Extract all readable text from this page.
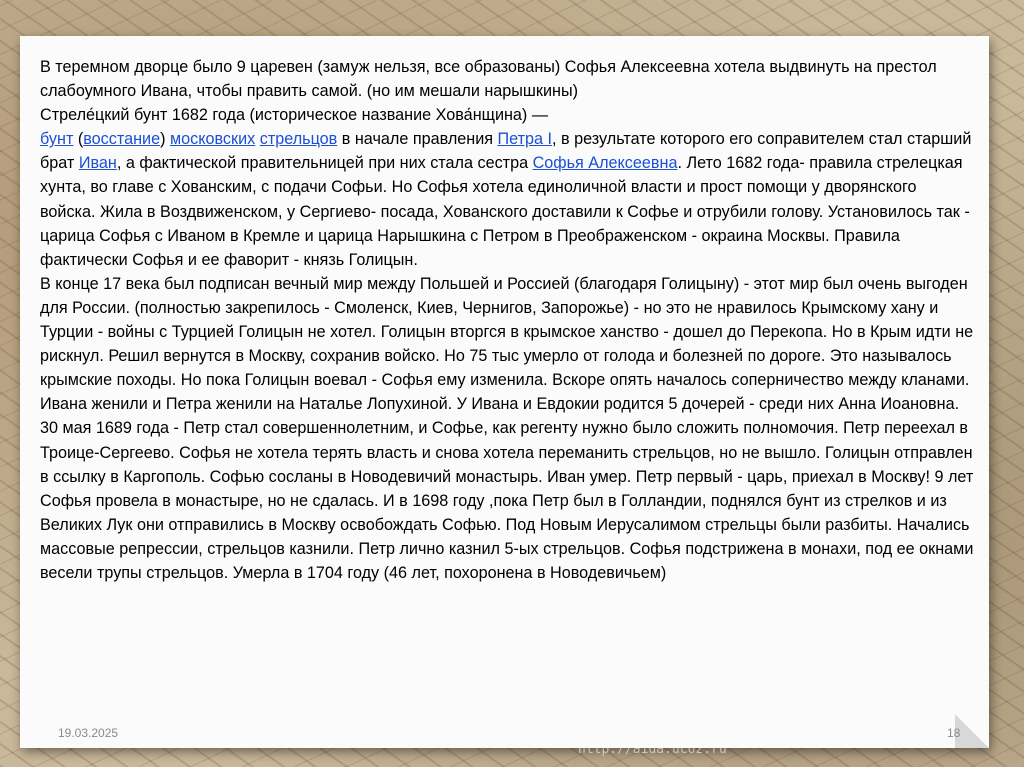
В теремном дворце было 9 царевен (замуж нельзя, все образованы) Софья Алексеевна хотела выдвинуть на престол слабоумного Ивана, чтобы править самой. (но им мешали нарышкины)
Стреле́цкий бунт 1682 года (историческое название Хова́нщина) —
бунт (восстание) московских стрельцов в начале правления Петра I, в результате которого его соправителем стал старший брат Иван, а фактической правительницей при них стала сестра Софья Алексеевна. Лето 1682 года- правила стрелецкая хунта, во главе с Хованским, с подачи Софьи. Но Софья хотела единоличной власти и прост помощи у дворянского войска. Жила в Воздвиженском, у Сергиево- посада, Хованского доставили к Софье и отрубили голову. Установилось так - царица Софья с Иваном в Кремле и царица Нарышкина с Петром в Преображенском - окраина Москвы. Правила фактически Софья и ее фаворит - князь Голицын.
В конце 17 века был подписан вечный мир между Польшей и Россией (благодаря Голицыну) - этот мир был очень выгоден для России. (полностью закрепилось - Смоленск, Киев, Чернигов, Запорожье) - но это не нравилось Крымскому хану и Турции - войны с Турцией Голицын не хотел. Голицын вторгся в крымское ханство - дошел до Перекопа. Но в Крым идти не рискнул. Решил вернутся в Москву, сохранив войско. Но 75 тыс умерло от голода и болезней по дороге. Это называлось крымские походы. Но пока Голицын воевал - Софья ему изменила. Вскоре опять началось соперничество между кланами. Ивана женили и Петра женили на Наталье Лопухиной. У Ивана и Евдокии родится 5 дочерей - среди них Анна Иоановна.
30 мая 1689 года - Петр стал совершеннолетним, и Софье, как регенту нужно было сложить полномочия. Петр переехал в Троице-Сергеево. Софья не хотела терять власть и снова хотела переманить стрельцов, но не вышло. Голицын отправлен в ссылку в Каргополь. Софью сосланы в Новодевичий монастырь. Иван умер. Петр первый - царь, приехал в Москву! 9 лет Софья провела в монастыре, но не сдалась. И в 1698 году ,пока Петр был в Голландии, поднялся бунт из стрелков и из Великих Лук они отправились в Москву освобождать Софью. Под Новым Иерусалимом стрельцы были разбиты. Начались массовые репрессии, стрельцов казнили. Петр лично казнил 5-ых стрельцов. Софья подстрижена в монахи, под ее окнами весели трупы стрельцов. Умерла в 1704 году (46 лет, похоронена в Новодевичьем)
19.03.2025	18
http://aida.ucoz.ru
